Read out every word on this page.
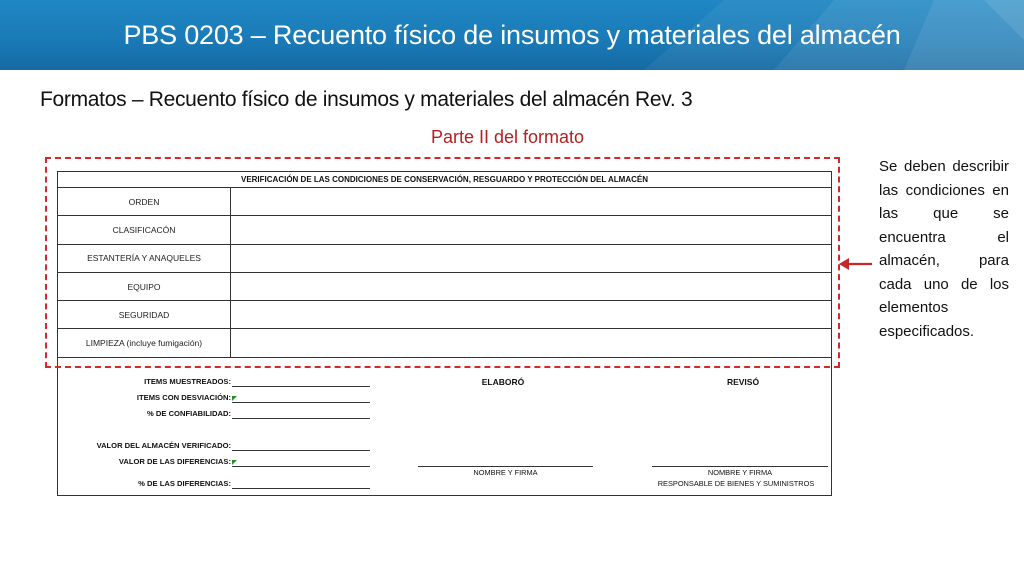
PBS 0203 – Recuento físico de insumos y materiales del almacén
Formatos – Recuento físico de insumos y materiales del almacén Rev. 3
Parte II del formato
VERIFICACIÓN DE LAS CONDICIONES DE CONSERVACIÓN, RESGUARDO Y PROTECCIÓN DEL ALMACÉN
ORDEN
CLASIFICACÓN
ESTANTERÍA Y ANAQUELES
EQUIPO
SEGURIDAD
LIMPIEZA (incluye fumigación)
ITEMS MUESTREADOS:
ITEMS CON DESVIACIÓN:
% DE CONFIABILIDAD:
VALOR DEL ALMACÉN VERIFICADO:
VALOR DE LAS DIFERENCIAS:
% DE LAS DIFERENCIAS:
ELABORÓ	REVISÓ
NOMBRE Y FIRMA	NOMBRE Y FIRMA
RESPONSABLE DE BIENES Y SUMINISTROS
Se deben describir las condiciones en las que se encuentra el almacén, para cada uno de los elementos especificados.
